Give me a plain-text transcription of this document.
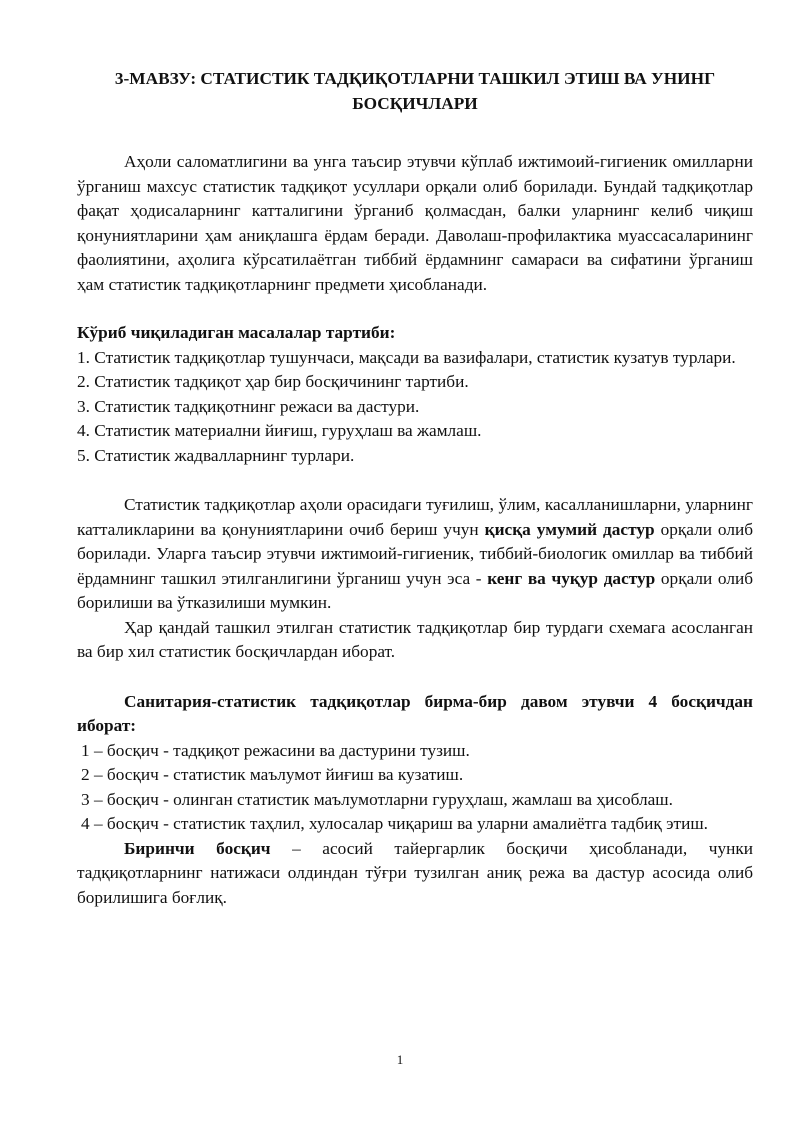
3-МАВЗУ: СТАТИСТИК ТАДҚИҚОТЛАРНИ ТАШКИЛ ЭТИШ ВА УНИНГ БОСҚИЧЛАРИ

Аҳоли саломатлигини ва унга таъсир этувчи кўплаб ижтимоий-гигиеник омилларни ўрганиш махсус статистик тадқиқот усуллари орқали олиб борилади. Бундай тадқиқотлар фақат ҳодисаларнинг катталигини ўрганиб қолмасдан, балки уларнинг келиб чиқиш қонуниятларини ҳам аниқлашга ёрдам беради. Даволаш-профилактика муассасаларининг фаолиятини, аҳолига кўрсатилаётган тиббий ёрдамнинг самараси ва сифатини ўрганиш ҳам статистик тадқиқотларнинг предмети ҳисобланади.

Кўриб чиқиладиган масалалар тартиби:

1. Статистик тадқиқотлар тушунчаси, мақсади ва вазифалари, статистик кузатув турлари.
2. Статистик тадқиқот ҳар бир босқичининг тартиби.
3. Статистик тадқиқотнинг режаси ва дастури.
4. Статистик материални йиғиш, гуруҳлаш ва жамлаш.
5. Статистик жадвалларнинг турлари.

Статистик тадқиқотлар аҳоли орасидаги туғилиш, ўлим, касалланишларни, уларнинг катталикларини ва қонуниятларини очиб бериш учун қисқа умумий дастур орқали олиб борилади. Уларга таъсир этувчи ижтимоий-гигиеник, тиббий-биологик омиллар ва тиббий ёрдамнинг ташкил этилганлигини ўрганиш учун эса - кенг ва чуқур дастур орқали олиб борилиши ва ўтказилиши мумкин.

Ҳар қандай ташкил этилган статистик тадқиқотлар бир турдаги схемага асосланган ва бир хил статистик босқичлардан иборат.

Санитария-статистик тадқиқотлар бирма-бир давом этувчи 4 босқичдан иборат:

1 – босқич - тадқиқот режасини ва дастурини тузиш.
2 – босқич - статистик маълумот йиғиш ва кузатиш.
3 – босқич - олинган статистик маълумотларни гуруҳлаш, жамлаш ва ҳисоблаш.
4 – босқич - статистик таҳлил, хулосалар чиқариш ва уларни амалиётга тадбиқ этиш.

Биринчи босқич – асосий тайергарлик босқичи ҳисобланади, чунки тадқиқотларнинг натижаси олдиндан тўғри тузилган аниқ режа ва дастур асосида олиб борилишига боғлиқ.

1
